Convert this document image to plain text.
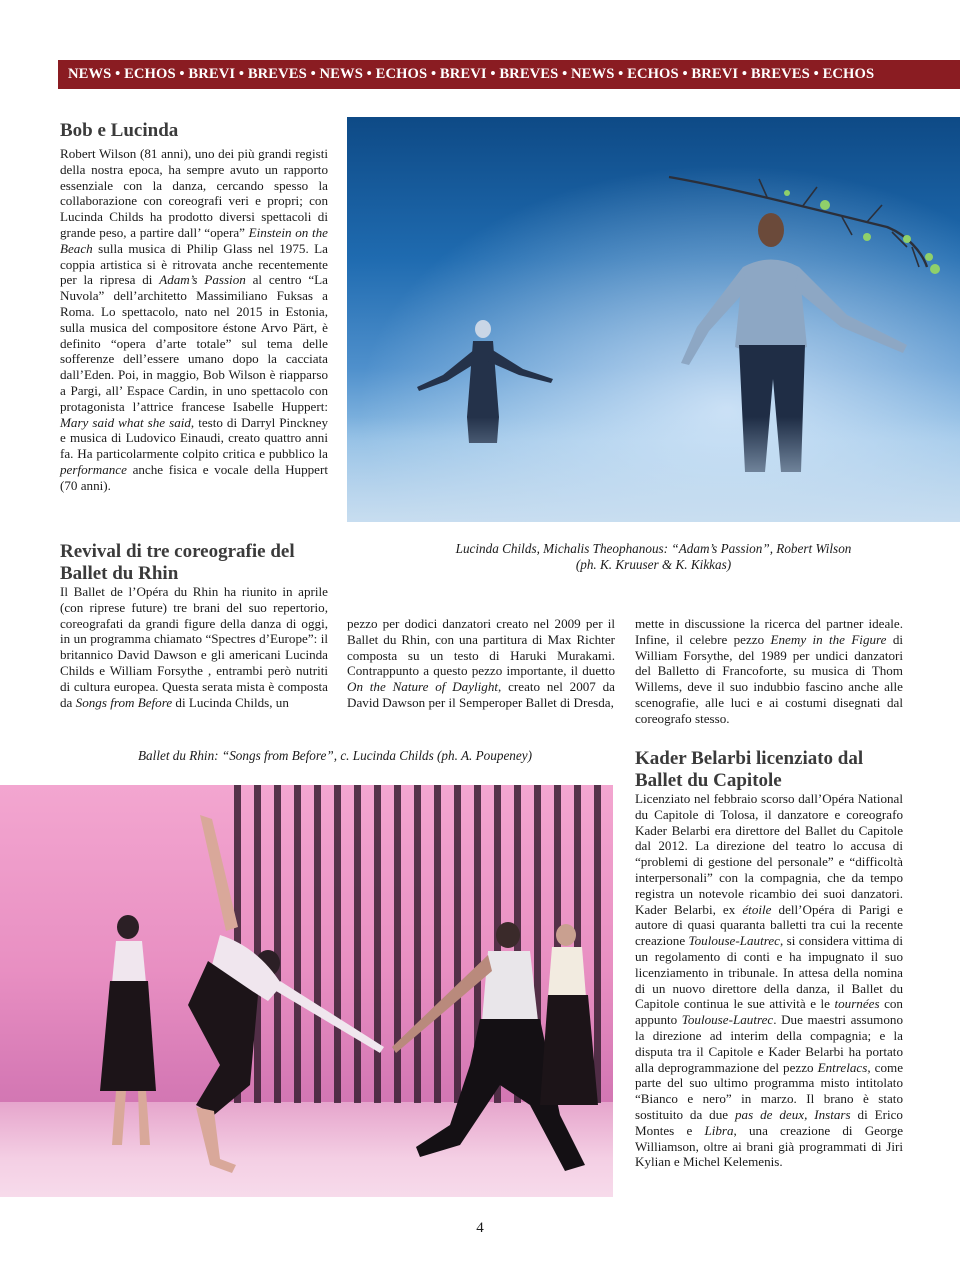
NEWS • ECHOS • BREVI • BREVES • NEWS • ECHOS • BREVI • BREVES • NEWS • ECHOS • BREVI • BREVES • ECHOS
Bob e Lucinda

Robert Wilson (81 anni), uno dei più grandi registi della nostra epoca, ha sempre avuto un rapporto essenziale con la danza, cercando spesso la collaborazione con coreografi veri e propri; con Lucinda Childs ha prodotto diversi spettacoli di grande peso, a partire dall’ “opera” Einstein on the Beach sulla musica di Philip Glass nel 1975. La coppia artistica si è ritrovata anche recentemente per la ripresa di Adam’s Passion al centro “La Nuvola” dell’architetto Massimiliano Fuksas a Roma. Lo spettacolo, nato nel 2015 in Estonia, sulla musica del compositore éstone Arvo Pärt, è definito “opera d’arte totale” sul tema delle sofferenze dell’essere umano dopo la cacciata dall’Eden. Poi, in maggio, Bob Wilson è riapparso a Pargi, all’ Espace Cardin, in uno spettacolo con protagonista l’attrice francese Isabelle Huppert: Mary said what she said, testo di Darryl Pinckney e musica di Ludovico Einaudi, creato quattro anni fa. Ha particolarmente colpito critica e pubblico la performance anche fisica e vocale della Huppert (70 anni).

Lucinda Childs, Michalis Theophanous: “Adam’s Passion”, Robert Wilson
(ph. K. Kruuser & K. Kikkas)
Revival di tre coreografie del Ballet du Rhin

Il Ballet de l’Opéra du Rhin ha riunito in aprile (con riprese future) tre brani del suo repertorio, coreografati da grandi figure della danza di oggi, in un programma chiamato “Spectres d’Europe”: il britannico David Dawson e gli americani Lucinda Childs e William Forsythe , entrambi però nutriti di cultura europea. Questa serata mista è composta da Songs from Before di Lucinda Childs, un

pezzo per dodici danzatori creato nel 2009 per il Ballet du Rhin, con una partitura di Max Richter composta su un testo di Haruki Murakami. Contrappunto a questo pezzo importante, il duetto On the Nature of Daylight, creato nel 2007 da David Dawson per il Semperoper Ballet di Dresda,

mette in discussione la ricerca del partner ideale. Infine, il celebre pezzo Enemy in the Figure di William Forsythe, del 1989 per undici danzatori del Balletto di Francoforte, su musica di Thom Willems, deve il suo indubbio fascino anche alle scenografie, alle luci e ai costumi disegnati dal coreografo stesso.

Ballet du Rhin: “Songs from Before”, c. Lucinda Childs (ph. A. Poupeney)	Kader Belarbi licenziato dal Ballet du Capitole

Licenziato nel febbraio scorso dall’Opéra National du Capitole di Tolosa, il danzatore e coreografo Kader Belarbi era direttore del Ballet du Capitole dal 2012. La direzione del teatro lo accusa di “problemi di gestione del personale” e “difficoltà interpersonali” con la compagnia, che da tempo registra un notevole ricambio dei suoi danzatori. Kader Belarbi, ex étoile dell’Opéra di Parigi e autore di quasi quaranta balletti tra cui la recente creazione Toulouse-Lautrec, si considera vittima di un regolamento di conti e ha impugnato il suo licenziamento in tribunale. In attesa della nomina di un nuovo direttore della danza, il Ballet du Capitole continua le sue attività e le tournées con appunto Toulouse-Lautrec. Due maestri assumono la direzione ad interim della compagnia; e la disputa tra il Capitole e Kader Belarbi ha portato alla deprogrammazione del pezzo Entrelacs, come parte del suo ultimo programma misto intitolato “Bianco e nero” in marzo. Il brano è stato sostituito da due pas de deux, Instars di Erico Montes e Libra, una creazione di George Williamson, oltre ai brani già programmati di Jiri Kylian e Michel Kelemenis.

4
